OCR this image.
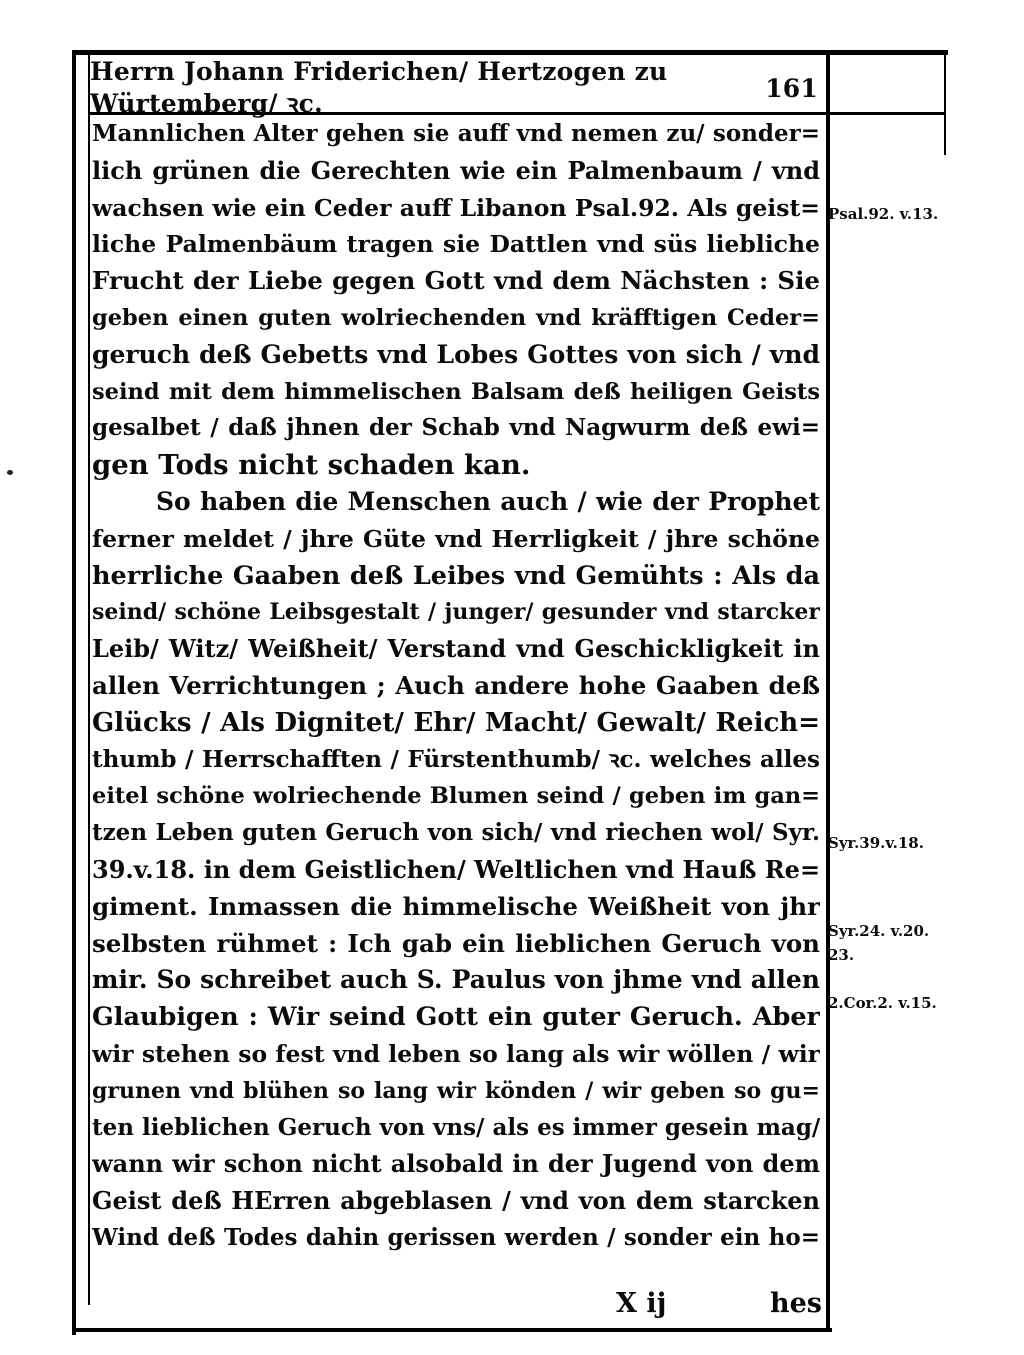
Herrn Johann Friderichen/ Hertzogen zu Würtemberg/ ꝛc.
161
Mannlichen Alter gehen sie auff vnd nemen zu/ sonder=
lich grünen die Gerechten wie ein Palmenbaum / vnd
wachsen wie ein Ceder auff Libanon Psal.92. Als geist=
liche Palmenbäum tragen sie Dattlen vnd süs liebliche
Frucht der Liebe gegen Gott vnd dem Nächsten : Sie
geben einen guten wolriechenden vnd kräfftigen Ceder=
geruch deß Gebetts vnd Lobes Gottes von sich / vnd
seind mit dem himmelischen Balsam deß heiligen Geists
gesalbet / daß jhnen der Schab vnd Nagwurm deß ewi=
gen Tods nicht schaden kan.
So haben die Menschen auch / wie der Prophet
ferner meldet / jhre Güte vnd Herrligkeit / jhre schöne
herrliche Gaaben deß Leibes vnd Gemühts : Als da
seind/ schöne Leibsgestalt / junger/ gesunder vnd starcker
Leib/ Witz/ Weißheit/ Verstand vnd Geschickligkeit in
allen Verrichtungen ; Auch andere hohe Gaaben deß
Glücks / Als Dignitet/ Ehr/ Macht/ Gewalt/ Reich=
thumb / Herrschafften / Fürstenthumb/ ꝛc. welches alles
eitel schöne wolriechende Blumen seind / geben im gan=
tzen Leben guten Geruch von sich/ vnd riechen wol/ Syr.
39.v.18. in dem Geistlichen/ Weltlichen vnd Hauß Re=
giment. Inmassen die himmelische Weißheit von jhr
selbsten rühmet : Ich gab ein lieblichen Geruch von
mir. So schreibet auch S. Paulus von jhme vnd allen
Glaubigen : Wir seind Gott ein guter Geruch. Aber
wir stehen so fest vnd leben so lang als wir wöllen / wir
grunen vnd blühen so lang wir könden / wir geben so gu=
ten lieblichen Geruch von vns/ als es immer gesein mag/
wann wir schon nicht alsobald in der Jugend von dem
Geist deß HErren abgeblasen / vnd von dem starcken
Wind deß Todes dahin gerissen werden / sonder ein ho=
Psal.92. v.13.
Syr.39.v.18.
Syr.24. v.20.
23.
2.Cor.2. v.15.
X ij	hes
